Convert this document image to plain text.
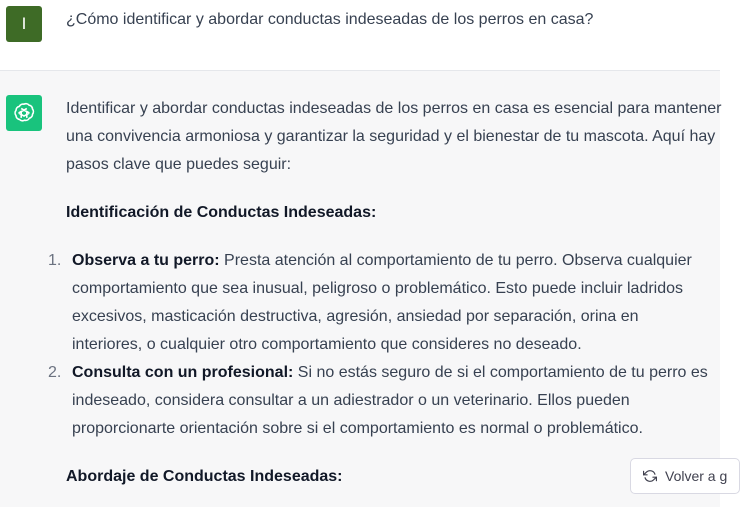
I	¿Cómo identificar y abordar conductas indeseadas de los perros en casa?

Identificar y abordar conductas indeseadas de los perros en casa es esencial para mantener una convivencia armoniosa y garantizar la seguridad y el bienestar de tu mascota. Aquí hay pasos clave que puedes seguir:

Identificación de Conductas Indeseadas:

1. Observa a tu perro: Presta atención al comportamiento de tu perro. Observa cualquier comportamiento que sea inusual, peligroso o problemático. Esto puede incluir ladridos excesivos, masticación destructiva, agresión, ansiedad por separación, orina en interiores, o cualquier otro comportamiento que consideres no deseado.
2. Consulta con un profesional: Si no estás seguro de si el comportamiento de tu perro es indeseado, considera consultar a un adiestrador o un veterinario. Ellos pueden proporcionarte orientación sobre si el comportamiento es normal o problemático.

Abordaje de Conductas Indeseadas:	Volver a g
